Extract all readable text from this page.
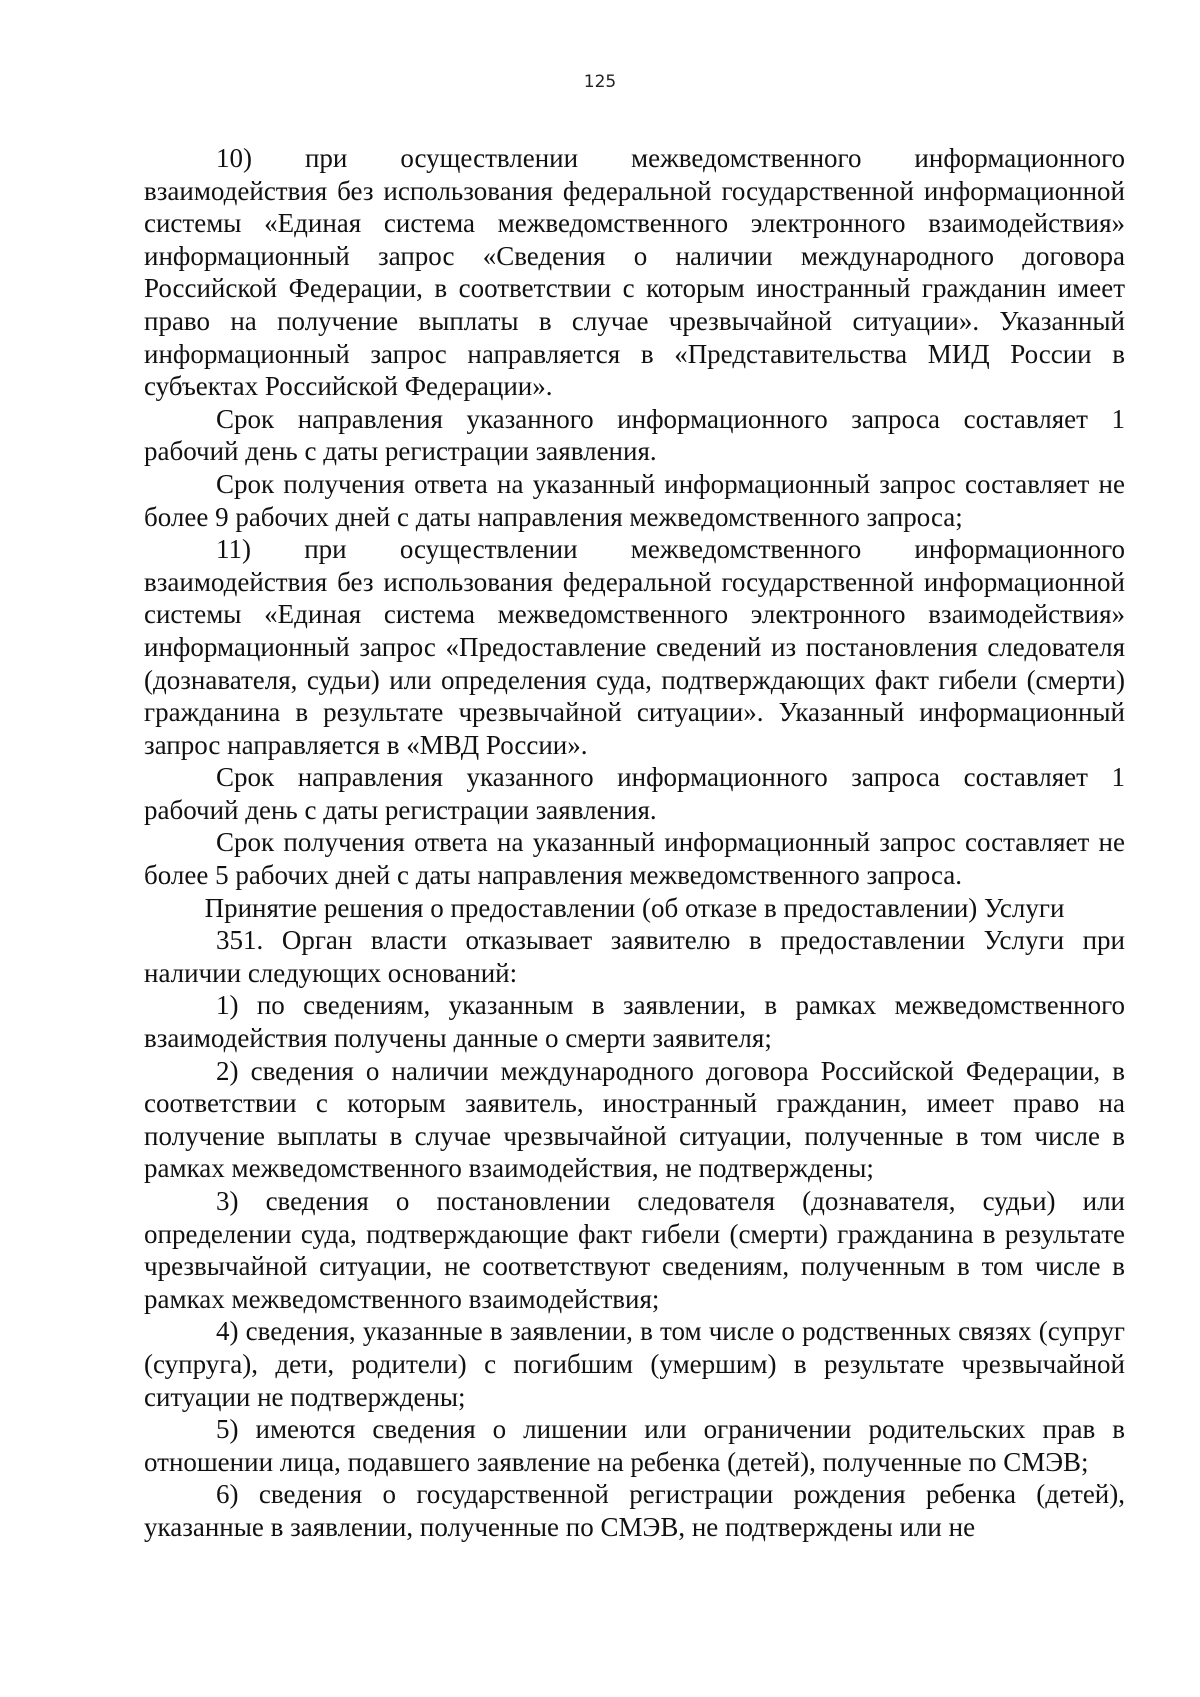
125

10) при осуществлении межведомственного информационного взаимодействия без использования федеральной государственной информационной системы «Единая система межведомственного электронного взаимодействия» информационный запрос «Сведения о наличии международного договора Российской Федерации, в соответствии с которым иностранный гражданин имеет право на получение выплаты в случае чрезвычайной ситуации». Указанный информационный запрос направляется в «Представительства МИД России в субъектах Российской Федерации».

Срок направления указанного информационного запроса составляет 1 рабочий день с даты регистрации заявления.

Срок получения ответа на указанный информационный запрос составляет не более 9 рабочих дней с даты направления межведомственного запроса;

11) при осуществлении межведомственного информационного взаимодействия без использования федеральной государственной информационной системы «Единая система межведомственного электронного взаимодействия» информационный запрос «Предоставление сведений из постановления следователя (дознавателя, судьи) или определения суда, подтверждающих факт гибели (смерти) гражданина в результате чрезвычайной ситуации». Указанный информационный запрос направляется в «МВД России».

Срок направления указанного информационного запроса составляет 1 рабочий день с даты регистрации заявления.

Срок получения ответа на указанный информационный запрос составляет не более 5 рабочих дней с даты направления межведомственного запроса.

Принятие решения о предоставлении (об отказе в предоставлении) Услуги

351. Орган власти отказывает заявителю в предоставлении Услуги при наличии следующих оснований:

1) по сведениям, указанным в заявлении, в рамках межведомственного взаимодействия получены данные о смерти заявителя;

2) сведения о наличии международного договора Российской Федерации, в соответствии с которым заявитель, иностранный гражданин, имеет право на получение выплаты в случае чрезвычайной ситуации, полученные в том числе в рамках межведомственного взаимодействия, не подтверждены;

3) сведения о постановлении следователя (дознавателя, судьи) или определении суда, подтверждающие факт гибели (смерти) гражданина в результате чрезвычайной ситуации, не соответствуют сведениям, полученным в том числе в рамках межведомственного взаимодействия;

4) сведения, указанные в заявлении, в том числе о родственных связях (супруг (супруга), дети, родители) с погибшим (умершим) в результате чрезвычайной ситуации не подтверждены;

5) имеются сведения о лишении или ограничении родительских прав в отношении лица, подавшего заявление на ребенка (детей), полученные по СМЭВ;

6) сведения о государственной регистрации рождения ребенка (детей), указанные в заявлении, полученные по СМЭВ, не подтверждены или не
